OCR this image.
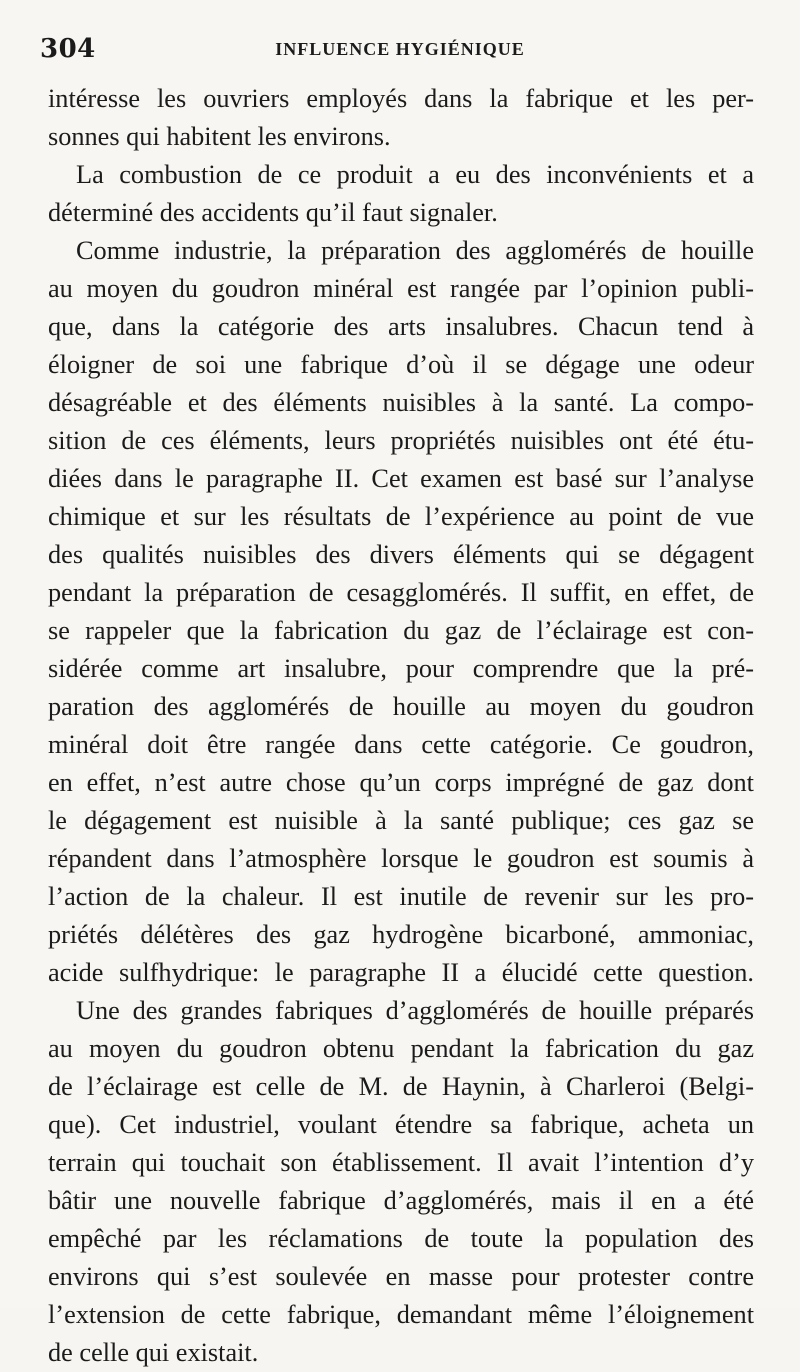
304	INFLUENCE HYGIÉNIQUE
intéresse les ouvriers employés dans la fabrique et les per-
sonnes qui habitent les environs.
La combustion de ce produit a eu des inconvénients et a
déterminé des accidents qu’il faut signaler.
Comme industrie, la préparation des agglomérés de houille
au moyen du goudron minéral est rangée par l’opinion publi-
que, dans la catégorie des arts insalubres. Chacun tend à
éloigner de soi une fabrique d’où il se dégage une odeur
désagréable et des éléments nuisibles à la santé. La compo-
sition de ces éléments, leurs propriétés nuisibles ont été étu-
diées dans le paragraphe II. Cet examen est basé sur l’analyse
chimique et sur les résultats de l’expérience au point de vue
des qualités nuisibles des divers éléments qui se dégagent
pendant la préparation de cesagglomérés. Il suffit, en effet, de
se rappeler que la fabrication du gaz de l’éclairage est con-
sidérée comme art insalubre, pour comprendre que la pré-
paration des agglomérés de houille au moyen du goudron
minéral doit être rangée dans cette catégorie. Ce goudron,
en effet, n’est autre chose qu’un corps imprégné de gaz dont
le dégagement est nuisible à la santé publique; ces gaz se
répandent dans l’atmosphère lorsque le goudron est soumis à
l’action de la chaleur. Il est inutile de revenir sur les pro-
priétés délétères des gaz hydrogène bicarboné, ammoniac,
acide sulfhydrique: le paragraphe II a élucidé cette question.
Une des grandes fabriques d’agglomérés de houille préparés
au moyen du goudron obtenu pendant la fabrication du gaz
de l’éclairage est celle de M. de Haynin, à Charleroi (Belgi-
que). Cet industriel, voulant étendre sa fabrique, acheta un
terrain qui touchait son établissement. Il avait l’intention d’y
bâtir une nouvelle fabrique d’agglomérés, mais il en a été
empêché par les réclamations de toute la population des
environs qui s’est soulevée en masse pour protester contre
l’extension de cette fabrique, demandant même l’éloignement
de celle qui existait.
